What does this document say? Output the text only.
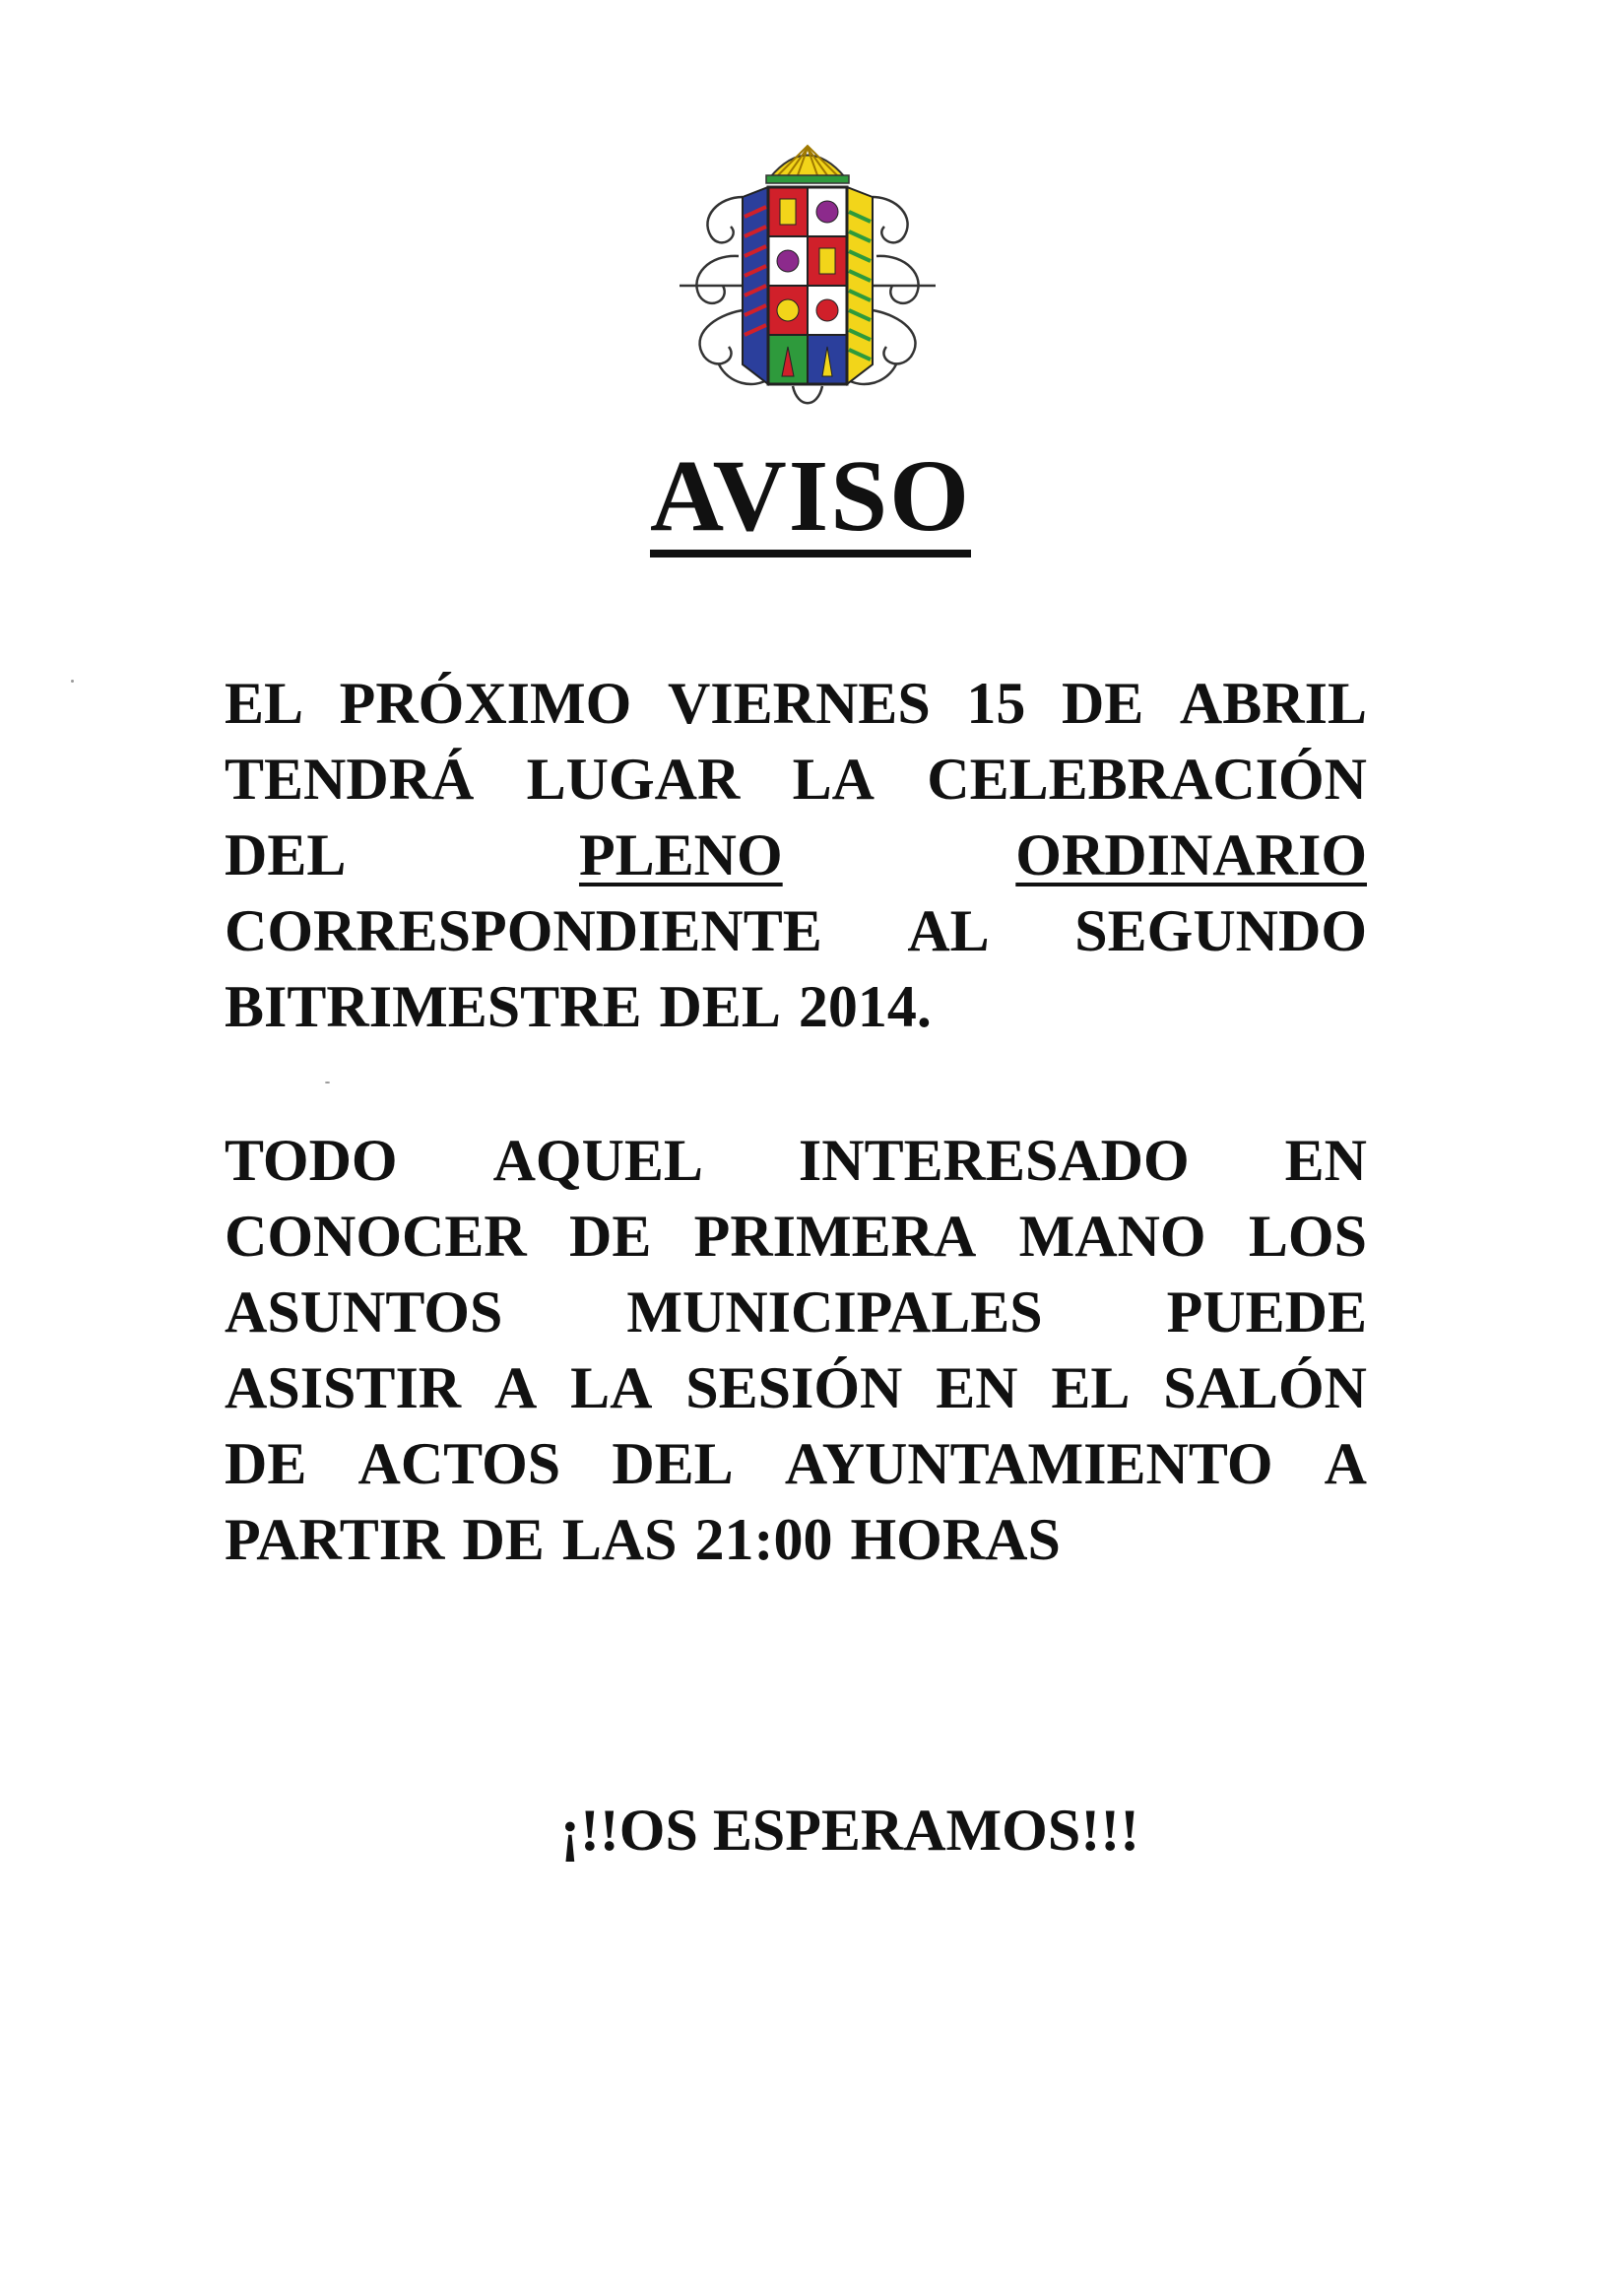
AVISO
EL PRÓXIMO VIERNES 15 DE ABRIL
TENDRÁ LUGAR LA CELEBRACIÓN
DEL	PLENO	ORDINARIO
CORRESPONDIENTE AL SEGUNDO
BITRIMESTRE DEL 2014.
TODO AQUEL INTERESADO EN
CONOCER DE PRIMERA MANO LOS
ASUNTOS MUNICIPALES PUEDE
ASISTIR A LA SESIÓN EN EL SALÓN
DE ACTOS DEL AYUNTAMIENTO A
PARTIR DE LAS 21:00 HORAS
¡!!OS ESPERAMOS!!!
